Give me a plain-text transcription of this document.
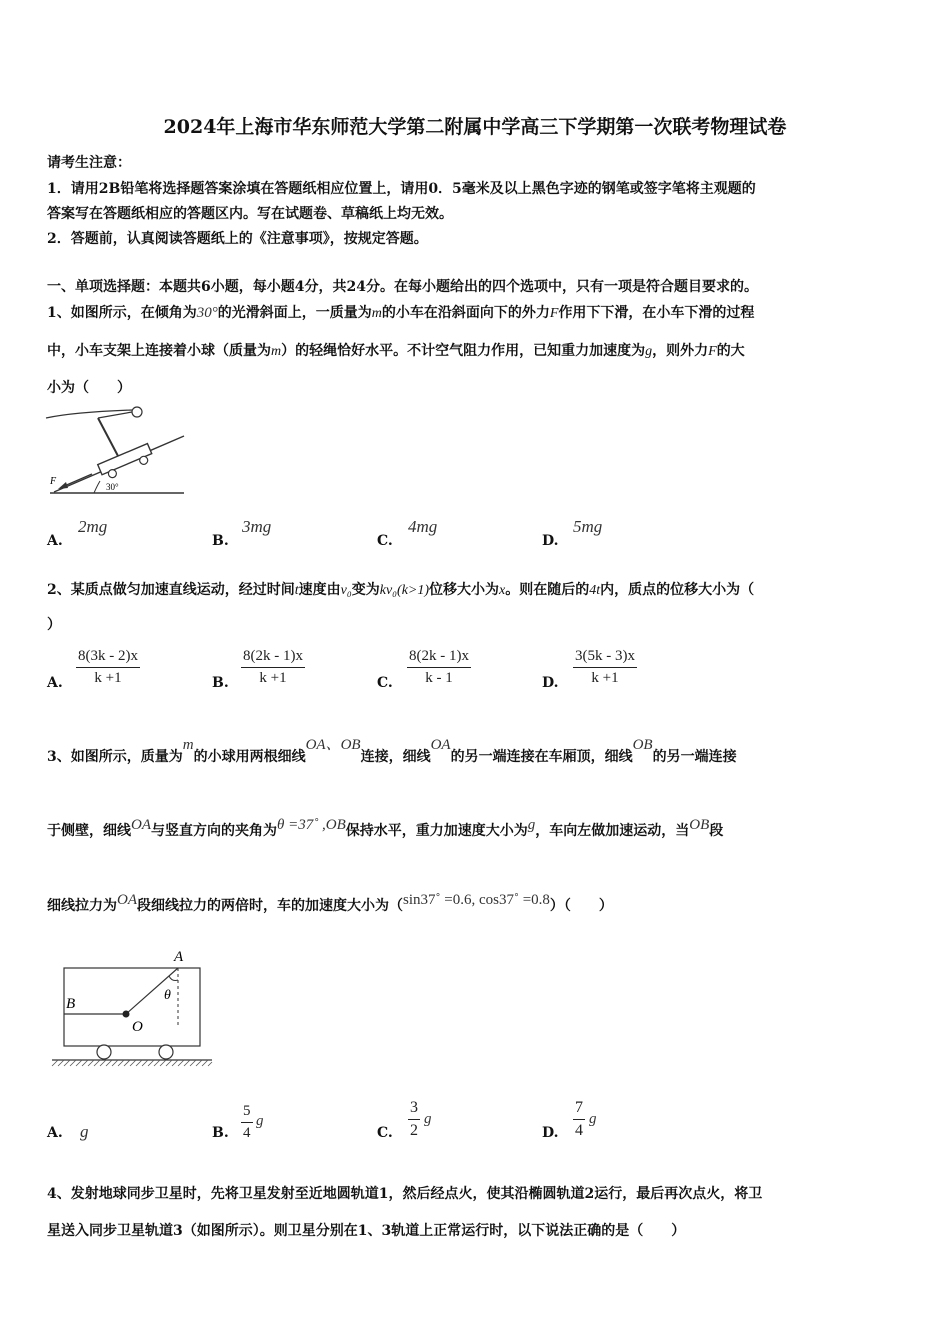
2024年上海市华东师范大学第二附属中学高三下学期第一次联考物理试卷
请考生注意：
1．请用2B铅笔将选择题答案涂填在答题纸相应位置上，请用0．5毫米及以上黑色字迹的钢笔或签字笔将主观题的
答案写在答题纸相应的答题区内。写在试题卷、草稿纸上均无效。
2．答题前，认真阅读答题纸上的《注意事项》，按规定答题。
一、单项选择题：本题共6小题，每小题4分，共24分。在每小题给出的四个选项中，只有一项是符合题目要求的。
1、如图所示，在倾角为30°的光滑斜面上，一质量为m的小车在沿斜面向下的外力F作用下下滑，在小车下滑的过程
中，小车支架上连接着小球（质量为m）的轻绳恰好水平。不计空气阻力作用，已知重力加速度为g，则外力F的大
小为（　　）
F	30°
A.
2mg
B.
3mg
C.
4mg
D.
5mg
2、某质点做匀加速直线运动，经过时间t速度由v₀变为kv₀(k>1)位移大小为x。则在随后的4t内，质点的位移大小为（
）
A. $\frac{8(3k - 2)x}{k +1}$	B. $\frac{8(2k - 1)x}{k +1}$	C. $\frac{8(2k - 1)x}{k - 1}$	D. $\frac{3(5k - 3)x}{k +1}$
3、如图所示，质量为m的小球用两根细线OA、OB连接，细线OA的另一端连接在车厢顶，细线OB的另一端连接
于侧壁，细线OA与竖直方向的夹角为θ =37˚ ,OB保持水平，重力加速度大小为g，车向左做加速运动，当OB段
细线拉力为OA段细线拉力的两倍时，车的加速度大小为（sin37˚ =0.6, cos37˚ =0.8）（　　）
A
B
O
θ
A. g	B. $\frac{5}{4}$ g
C. $\frac{3}{2}$ g
D. $\frac{7}{4}$ g
4、发射地球同步卫星时，先将卫星发射至近地圆轨道1，然后经点火，使其沿椭圆轨道2运行，最后再次点火，将卫
星送入同步卫星轨道3（如图所示）。则卫星分别在1、3轨道上正常运行时，以下说法正确的是（　　）
